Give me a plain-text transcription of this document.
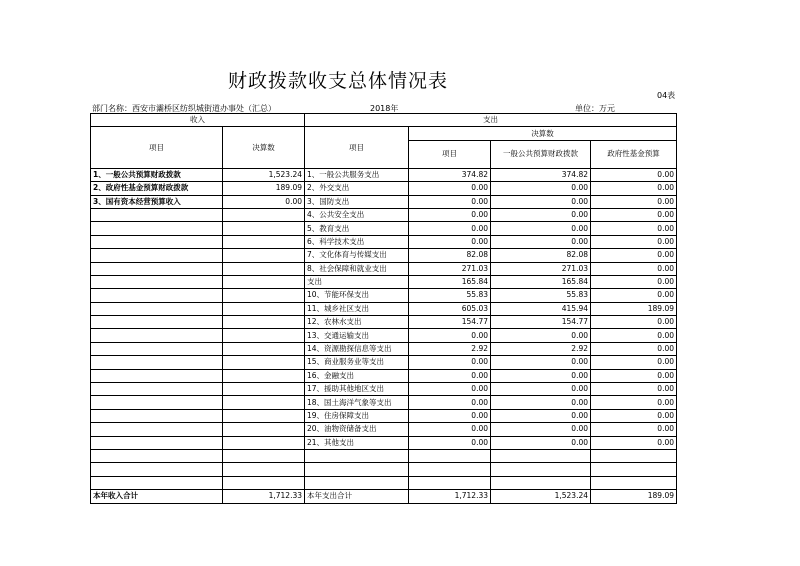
财政拨款收支总体情况表
04表
部门名称：西安市灞桥区纺织城街道办事处（汇总）	2018年	单位：万元
收入		支出			
项目	决算数	项目	决算数		
			项目	一般公共预算财政拨款	政府性基金预算
1、一般公共预算财政拨款	1,523.24	1、一般公共服务支出	374.82	374.82	0.00
2、政府性基金预算财政拨款	189.09	2、外交支出	0.00	0.00	0.00
3、国有资本经营预算收入	0.00	3、国防支出	0.00	0.00	0.00
		4、公共安全支出	0.00	0.00	0.00
		5、教育支出	0.00	0.00	0.00
		6、科学技术支出	0.00	0.00	0.00
		7、文化体育与传媒支出	82.08	82.08	0.00
		8、社会保障和就业支出	271.03	271.03	0.00
		支出	165.84	165.84	0.00
		10、节能环保支出	55.83	55.83	0.00
		11、城乡社区支出	605.03	415.94	189.09
		12、农林水支出	154.77	154.77	0.00
		13、交通运输支出	0.00	0.00	0.00
		14、资源勘探信息等支出	2.92	2.92	0.00
		15、商业服务业等支出	0.00	0.00	0.00
		16、金融支出	0.00	0.00	0.00
		17、援助其他地区支出	0.00	0.00	0.00
		18、国土海洋气象等支出	0.00	0.00	0.00
		19、住房保障支出	0.00	0.00	0.00
		20、油物资储备支出	0.00	0.00	0.00
		21、其他支出	0.00	0.00	0.00

本年收入合计	1,712.33	本年支出合计	1,712.33	1,523.24	189.09
